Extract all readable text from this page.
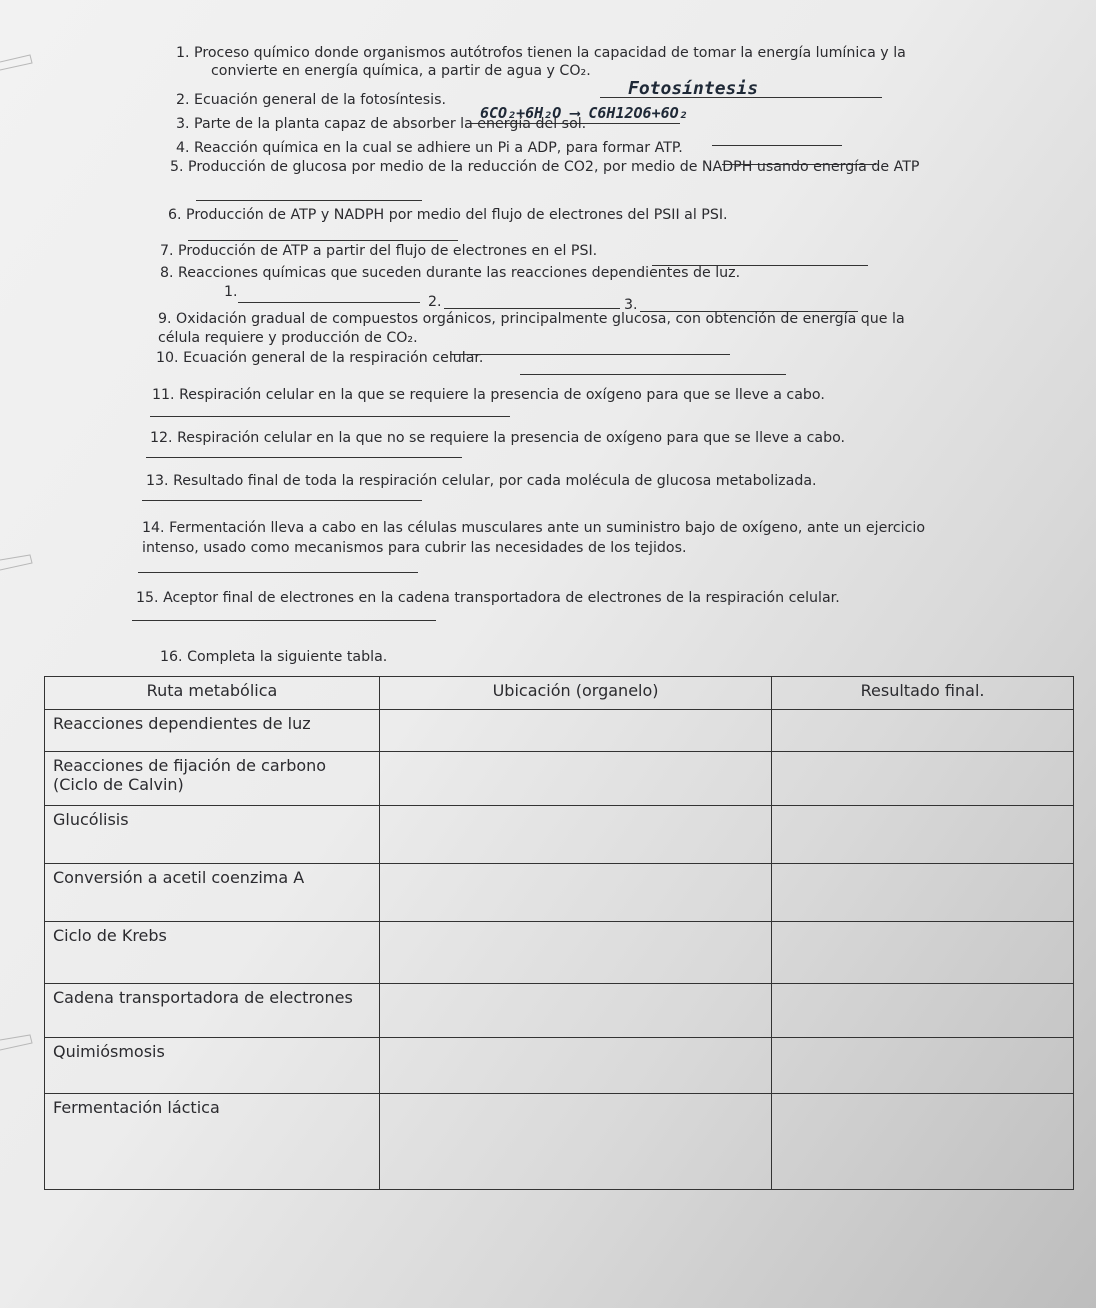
1. Proceso químico donde organismos autótrofos tienen la capacidad de tomar la energía lumínica y la
convierte en energía química, a partir de agua y CO₂.
Fotosíntesis
2. Ecuación general de la fotosíntesis.
6CO₂+6H₂O ⟶ C6H12O6+6O₂
3. Parte de la planta capaz de absorber la energía del sol.
4. Reacción química en la cual se adhiere un Pi a ADP, para formar ATP.
5. Producción de glucosa por medio de la reducción de CO2, por medio de NADPH usando energía de ATP
6. Producción de ATP y NADPH por medio del flujo de electrones del PSII al PSI.
7. Producción de ATP a partir del flujo de electrones en el PSI.
8. Reacciones químicas que suceden durante las reacciones dependientes de luz.
1.
2.	3.
9. Oxidación gradual de compuestos orgánicos, principalmente glucosa, con obtención de energía que la
célula requiere y producción de CO₂.
10. Ecuación general de la respiración celular.
11. Respiración celular en la que se requiere la presencia de oxígeno para que se lleve a cabo.
12. Respiración celular en la que no se requiere la presencia de oxígeno para que se lleve a cabo.
13. Resultado final de toda la respiración celular, por cada molécula de glucosa metabolizada.
14. Fermentación lleva a cabo en las células musculares ante un suministro bajo de oxígeno, ante un ejercicio
intenso, usado como mecanismos para cubrir las necesidades de los tejidos.
15. Aceptor final de electrones en la cadena transportadora de electrones de la respiración celular.
16. Completa la siguiente tabla.
Ruta metabólica	Ubicación (organelo)	Resultado final.
Reacciones dependientes de luz		
Reacciones de fijación de carbono (Ciclo de Calvin)		
Glucólisis		
Conversión a acetil coenzima A		
Ciclo de Krebs		
Cadena transportadora de electrones		
Quimiósmosis		
Fermentación láctica		
